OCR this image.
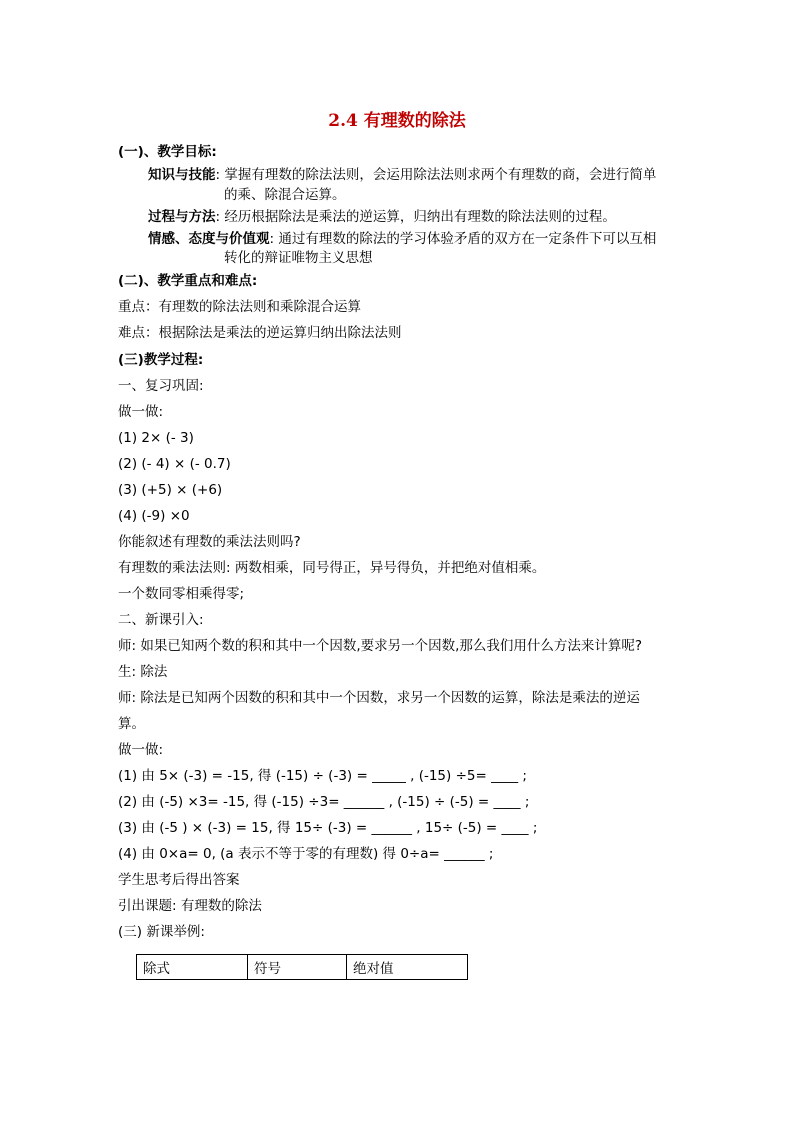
2.4 有理数的除法
(一)、教学目标:
知识与技能: 掌握有理数的除法法则，会运用除法法则求两个有理数的商，会进行简单
的乘、除混合运算。
过程与方法: 经历根据除法是乘法的逆运算，归纳出有理数的除法法则的过程。
情感、态度与价值观: 通过有理数的除法的学习体验矛盾的双方在一定条件下可以互相
转化的辩证唯物主义思想
(二)、教学重点和难点:
重点：有理数的除法法则和乘除混合运算
难点：根据除法是乘法的逆运算归纳出除法法则
(三)教学过程:
一、复习巩固:
做一做:
(1) 2× (- 3)
(2) (- 4) × (- 0.7)
(3) (+5) × (+6)
(4) (-9) ×0
你能叙述有理数的乘法法则吗?
有理数的乘法法则: 两数相乘，同号得正，异号得负，并把绝对值相乘。
一个数同零相乘得零;
二、新课引入:
师: 如果已知两个数的积和其中一个因数,要求另一个因数,那么我们用什么方法来计算呢?
生: 除法
师: 除法是已知两个因数的积和其中一个因数，求另一个因数的运算，除法是乘法的逆运
算。
做一做:
(1) 由 5× (-3) = -15, 得 (-15) ÷ (-3) = _____ , (-15) ÷5= ____ ;
(2) 由 (-5) ×3= -15, 得 (-15) ÷3= ______ , (-15) ÷ (-5) = ____ ;
(3) 由 (-5 ) × (-3) = 15, 得 15÷ (-3) = ______ , 15÷ (-5) = ____ ;
(4) 由 0×a= 0, (a 表示不等于零的有理数) 得 0÷a= ______ ;
学生思考后得出答案
引出课题: 有理数的除法
(三) 新课举例:
除式	符号	绝对值
